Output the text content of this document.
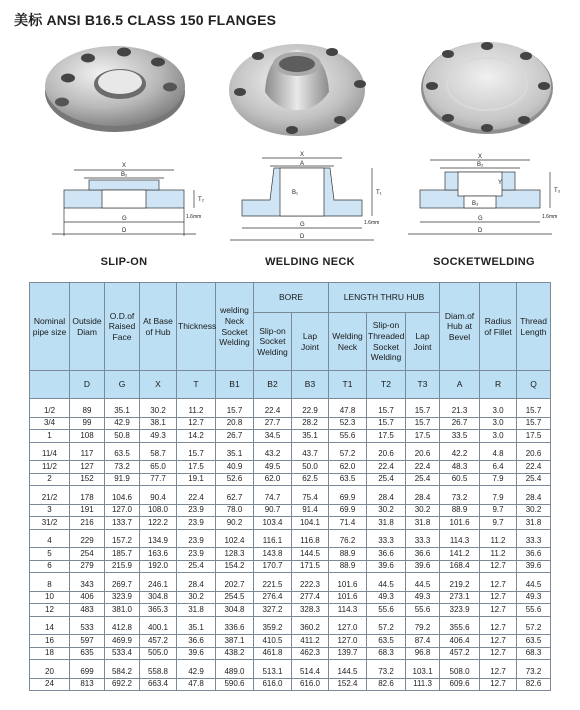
美标 ANSI B16.5 CLASS 150 FLANGES
X
B₂
T₂
G
D
1.6mm
X
A
B₁	T₁
G
D
1.6mm
X
B₂
Y
B₃
T₃
G
D
1.6mm
SLIP-ON	WELDING NECK	SOCKETWELDING
Nominal pipe size	Outside Diam	O.D.of Raised Face	At Base of Hub	Thickness	welding Neck Socket Welding	BORE		LENGTH THRU HUB			Diam.of Hub at Bevel	Radius of Fillet	Thread Length
						Slip-on Socket Welding	Lap Joint	Welding Neck	Slip-on Threaded Socket Welding	Lap Joint			
	D	G	X	T	B1	B2	B3	T1	T2	T3	A	R	Q
1/2	89	35.1	30.2	11.2	15.7	22.4	22.9	47.8	15.7	15.7	21.3	3.0	15.7
3/4	99	42.9	38.1	12.7	20.8	27.7	28.2	52.3	15.7	15.7	26.7	3.0	15.7
1	108	50.8	49.3	14.2	26.7	34.5	35.1	55.6	17.5	17.5	33.5	3.0	17.5
11/4	117	63.5	58.7	15.7	35.1	43.2	43.7	57.2	20.6	20.6	42.2	4.8	20.6
11/2	127	73.2	65.0	17.5	40.9	49.5	50.0	62.0	22.4	22.4	48.3	6.4	22.4
2	152	91.9	77.7	19.1	52.6	62.0	62.5	63.5	25.4	25.4	60.5	7.9	25.4
21/2	178	104.6	90.4	22.4	62.7	74.7	75.4	69.9	28.4	28.4	73.2	7.9	28.4
3	191	127.0	108.0	23.9	78.0	90.7	91.4	69.9	30.2	30.2	88.9	9.7	30.2
31/2	216	133.7	122.2	23.9	90.2	103.4	104.1	71.4	31.8	31.8	101.6	9.7	31.8
4	229	157.2	134.9	23.9	102.4	116.1	116.8	76.2	33.3	33.3	114.3	11.2	33.3
5	254	185.7	163.6	23.9	128.3	143.8	144.5	88.9	36.6	36.6	141.2	11.2	36.6
6	279	215.9	192.0	25.4	154.2	170.7	171.5	88.9	39.6	39.6	168.4	12.7	39.6
8	343	269.7	246.1	28.4	202.7	221.5	222.3	101.6	44.5	44.5	219.2	12.7	44.5
10	406	323.9	304.8	30.2	254.5	276.4	277.4	101.6	49.3	49.3	273.1	12.7	49.3
12	483	381.0	365.3	31.8	304.8	327.2	328.3	114.3	55.6	55.6	323.9	12.7	55.6
14	533	412.8	400.1	35.1	336.6	359.2	360.2	127.0	57.2	79.2	355.6	12.7	57.2
16	597	469.9	457.2	36.6	387.1	410.5	411.2	127.0	63.5	87.4	406.4	12.7	63.5
18	635	533.4	505.0	39.6	438.2	461.8	462.3	139.7	68.3	96.8	457.2	12.7	68.3
20	699	584.2	558.8	42.9	489.0	513.1	514.4	144.5	73.2	103.1	508.0	12.7	73.2
24	813	692.2	663.4	47.8	590.6	616.0	616.0	152.4	82.6	111.3	609.6	12.7	82.6
